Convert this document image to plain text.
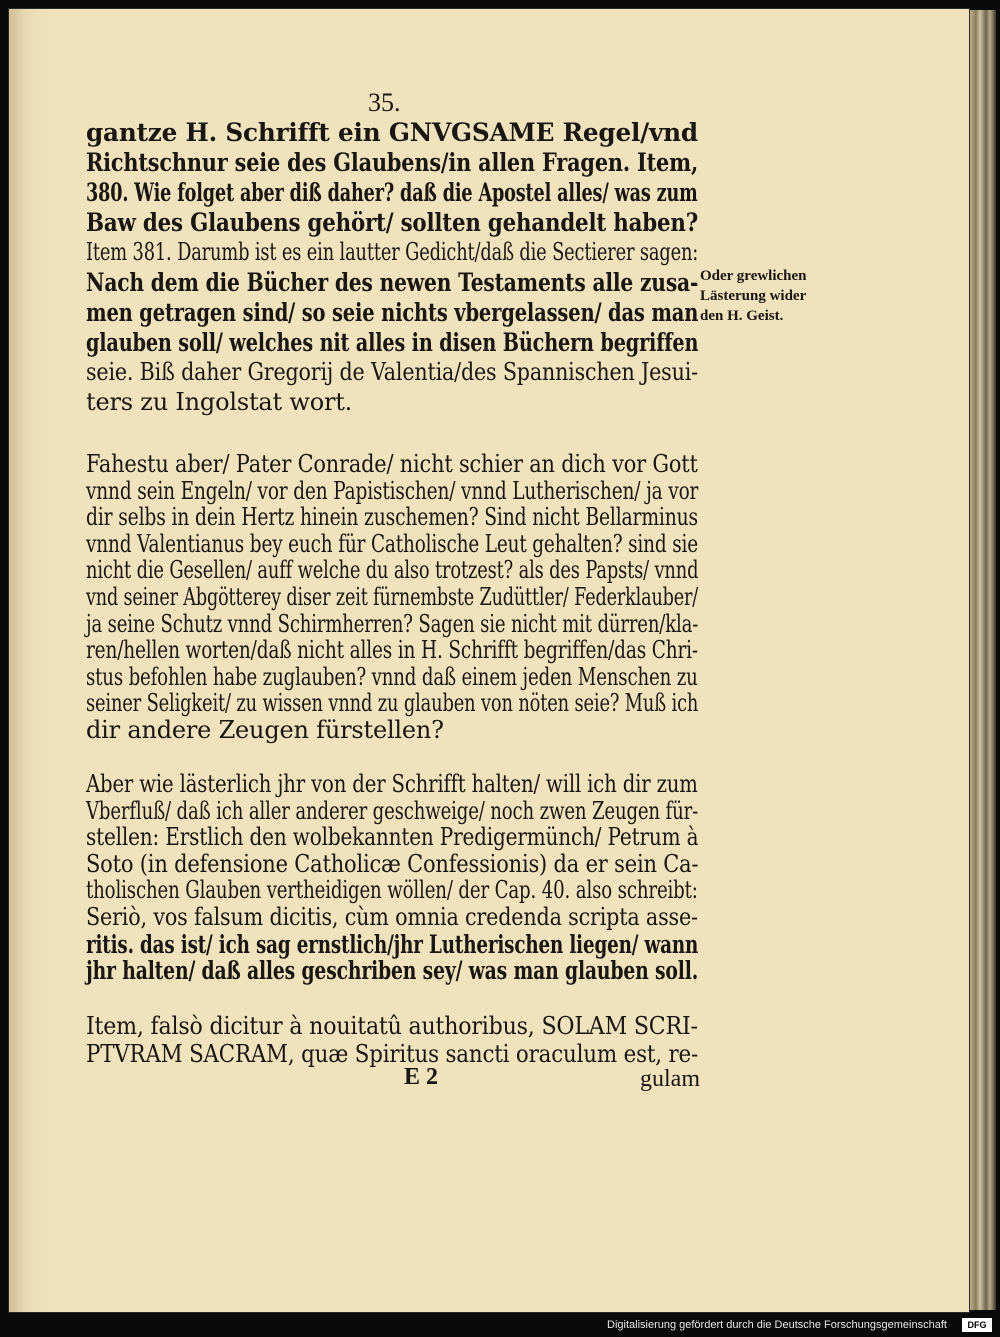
35.
gantze H. Schrifft ein GNVGSAME Regel/vnd
Richtschnur seie des Glaubens/in allen Fragen. Item,
380. Wie folget aber diß daher? daß die Apostel alles/ was zum
Baw des Glaubens gehört/ sollten gehandelt haben?
Item 381. Darumb ist es ein lautter Gedicht/daß die Sectierer sagen:
Nach dem die Bücher des newen Testaments alle zusa-
men getragen sind/ so seie nichts vbergelassen/ das man
glauben soll/ welches nit alles in disen Büchern begriffen
seie. Biß daher Gregorij de Valentia/des Spannischen Jesui-
ters zu Ingolstat wort.
Oder grewlichen
Lästerung wider
den H. Geist.
Fahestu aber/ Pater Conrade/ nicht schier an dich vor Gott
vnnd sein Engeln/ vor den Papistischen/ vnnd Lutherischen/ ja vor
dir selbs in dein Hertz hinein zuschemen? Sind nicht Bellarminus
vnnd Valentianus bey euch für Catholische Leut gehalten? sind sie
nicht die Gesellen/ auff welche du also trotzest? als des Papsts/ vnnd
vnd seiner Abgötterey diser zeit fürnembste Zudüttler/ Federklauber/
ja seine Schutz vnnd Schirmherren? Sagen sie nicht mit dürren/kla-
ren/hellen worten/daß nicht alles in H. Schrifft begriffen/das Chri-
stus befohlen habe zuglauben? vnnd daß einem jeden Menschen zu
seiner Seligkeit/ zu wissen vnnd zu glauben von nöten seie? Muß ich
dir andere Zeugen fürstellen?
Aber wie lästerlich jhr von der Schrifft halten/ will ich dir zum
Vberfluß/ daß ich aller anderer geschweige/ noch zwen Zeugen für-
stellen: Erstlich den wolbekannten Predigermünch/ Petrum à
Soto (in defensione Catholicæ Confessionis) da er sein Ca-
tholischen Glauben vertheidigen wöllen/ der Cap. 40. also schreibt:
Seriò, vos falsum dicitis, cùm omnia credenda scripta asse-
ritis. das ist/ ich sag ernstlich/jhr Lutherischen liegen/ wann
jhr halten/ daß alles geschriben sey/ was man glauben soll.
Item, falsò dicitur à nouitatû authoribus, SOLAM SCRI-
PTVRAM SACRAM, quæ Spiritus sancti oraculum est, re-
E 2	gulam
Digitalisierung gefördert durch die Deutsche Forschungsgemeinschaft	DFG
